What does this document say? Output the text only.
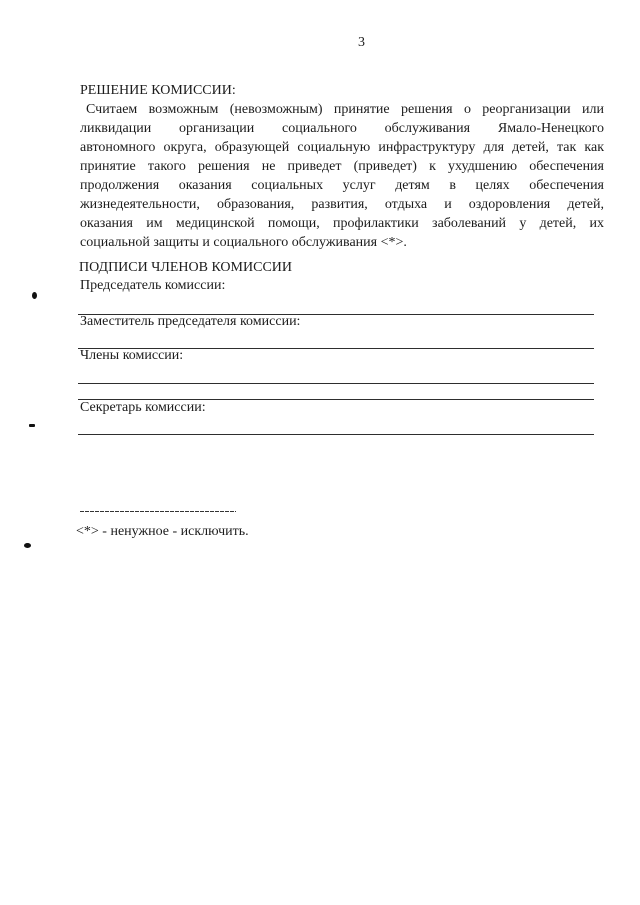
3
РЕШЕНИЕ КОМИССИИ:
Считаем возможным (невозможным) принятие решения о реорганизации или
ликвидации организации социального обслуживания Ямало-Ненецкого
автономного округа, образующей социальную инфраструктуру для детей, так как
принятие такого решения не приведет (приведет) к ухудшению обеспечения
продолжения оказания социальных услуг детям в целях обеспечения
жизнедеятельности, образования, развития, отдыха и оздоровления детей,
оказания им медицинской помощи, профилактики заболеваний у детей, их
социальной защиты и социального обслуживания <*>.
ПОДПИСИ ЧЛЕНОВ КОМИССИИ
Председатель комиссии:
Заместитель председателя комиссии:
Члены комиссии:
Секретарь комиссии:
<*> - ненужное - исключить.
